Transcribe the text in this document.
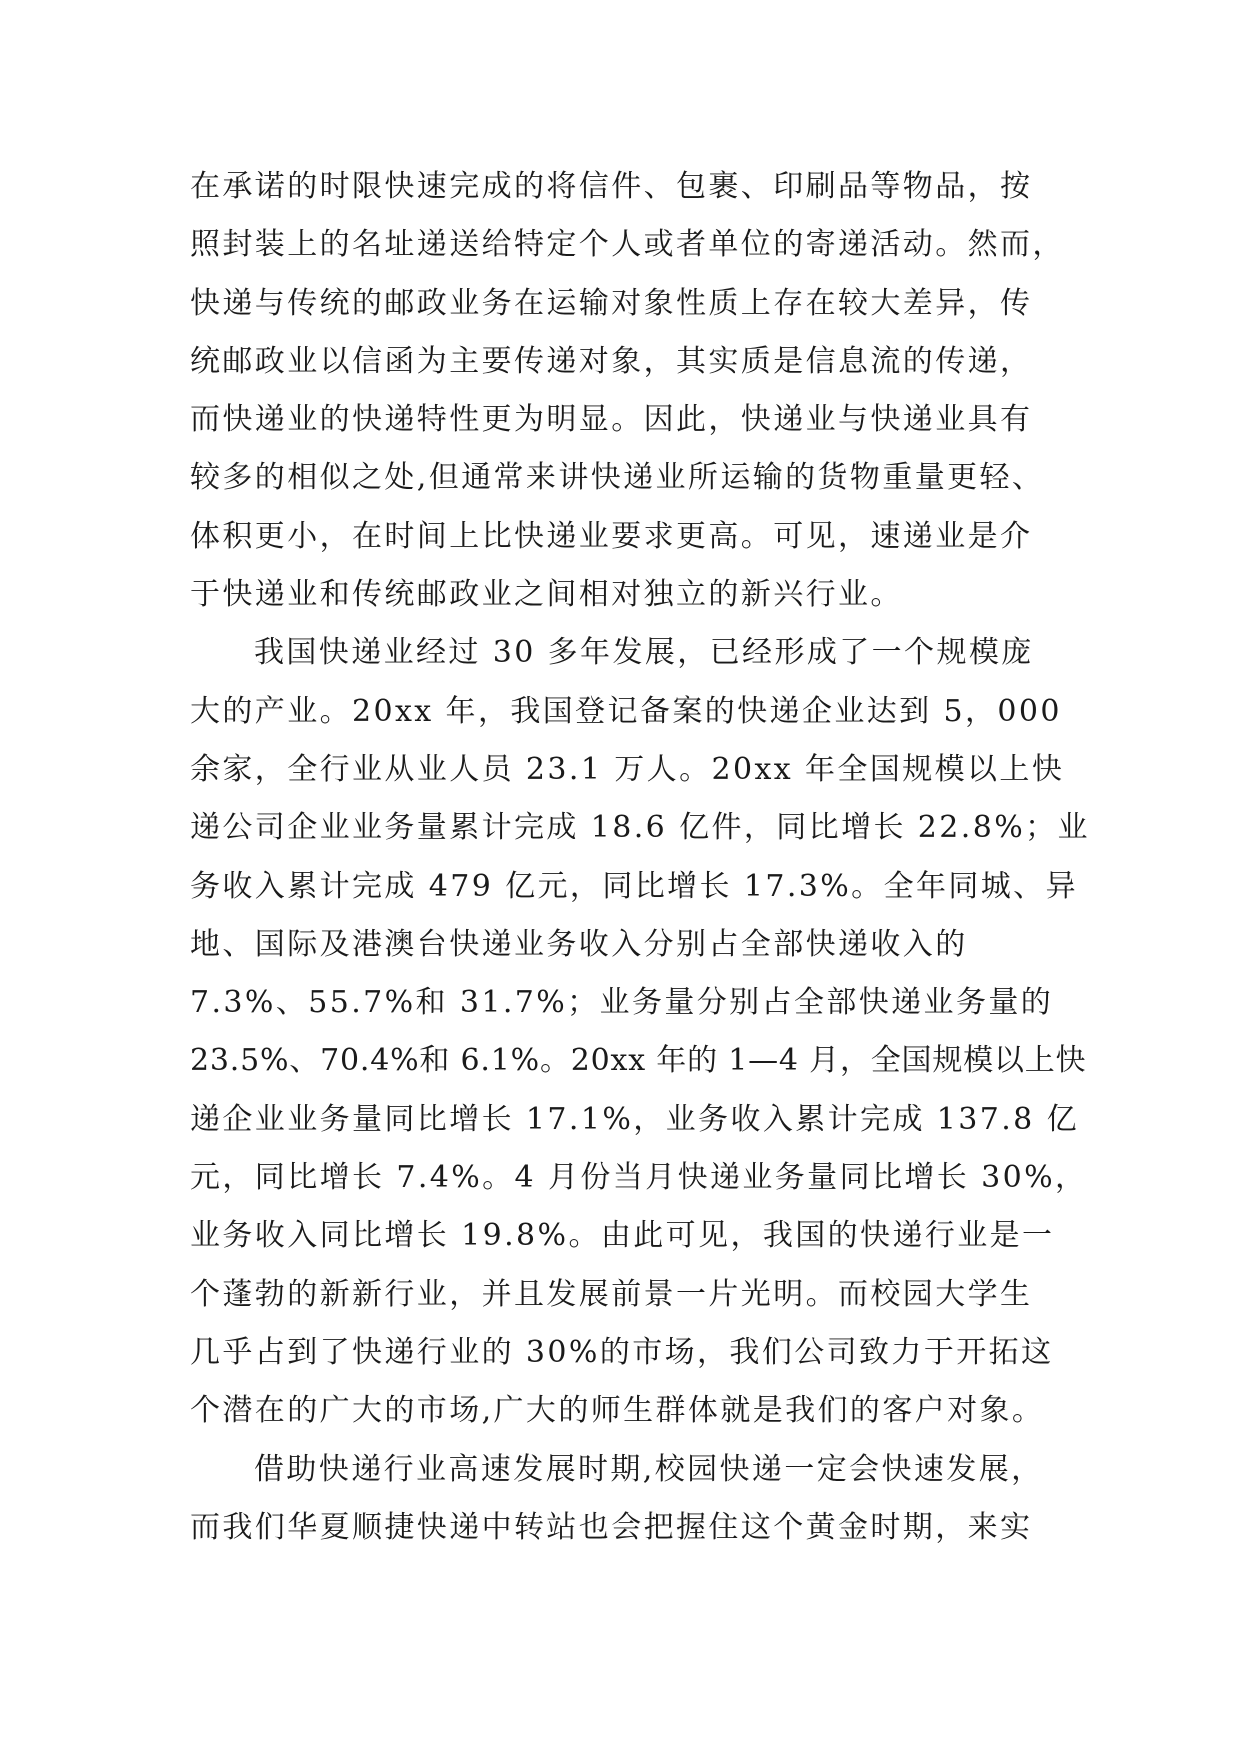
在承诺的时限快速完成的将信件、包裹、印刷品等物品，按
照封装上的名址递送给特定个人或者单位的寄递活动。然而，
快递与传统的邮政业务在运输对象性质上存在较大差异，传
统邮政业以信函为主要传递对象，其实质是信息流的传递，
而快递业的快递特性更为明显。因此，快递业与快递业具有
较多的相似之处,但通常来讲快递业所运输的货物重量更轻、
体积更小，在时间上比快递业要求更高。可见，速递业是介
于快递业和传统邮政业之间相对独立的新兴行业。
我国快递业经过 30 多年发展，已经形成了一个规模庞
大的产业。20xx 年，我国登记备案的快递企业达到 5，000
余家，全行业从业人员 23.1 万人。20xx 年全国规模以上快
递公司企业业务量累计完成 18.6 亿件，同比增长 22.8%；业
务收入累计完成 479 亿元，同比增长 17.3%。全年同城、异
地、国际及港澳台快递业务收入分别占全部快递收入的
7.3%、55.7%和 31.7%；业务量分别占全部快递业务量的
23.5%、70.4%和 6.1%。20xx 年的 1—4 月，全国规模以上快
递企业业务量同比增长 17.1%，业务收入累计完成 137.8 亿
元，同比增长 7.4%。4 月份当月快递业务量同比增长 30%，
业务收入同比增长 19.8%。由此可见，我国的快递行业是一
个蓬勃的新新行业，并且发展前景一片光明。而校园大学生
几乎占到了快递行业的 30%的市场，我们公司致力于开拓这
个潜在的广大的市场,广大的师生群体就是我们的客户对象。
借助快递行业高速发展时期,校园快递一定会快速发展，
而我们华夏顺捷快递中转站也会把握住这个黄金时期，来实
